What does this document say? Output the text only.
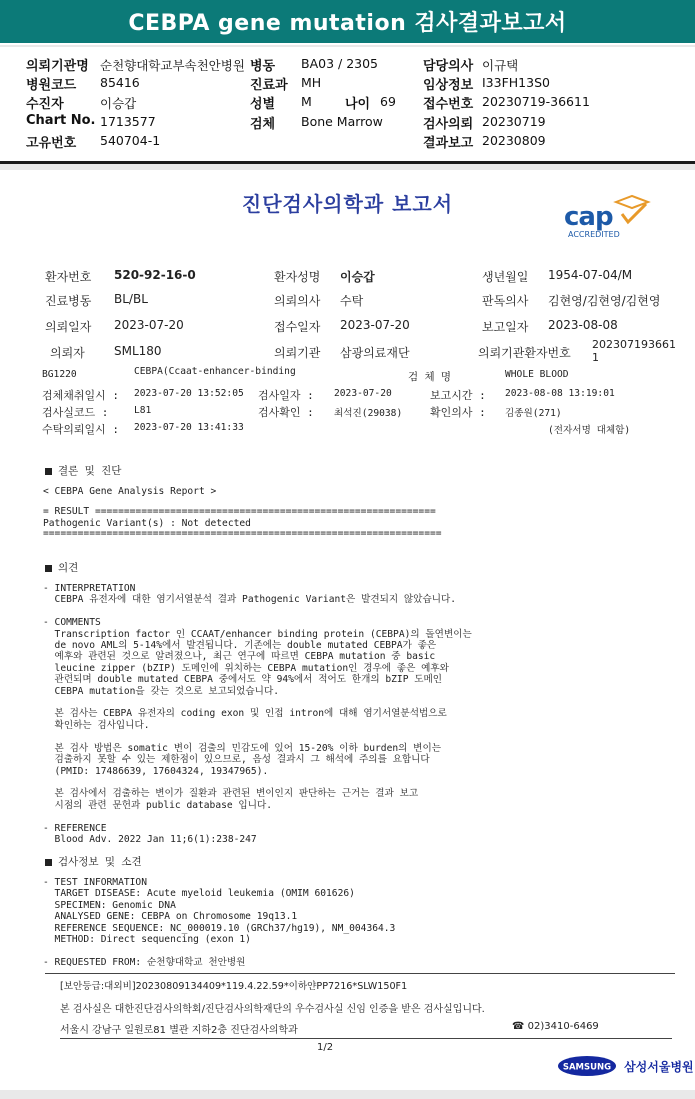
CEBPA gene mutation 검사결과보고서
의뢰기관명 순천향대학교부속천안병원
병원코드 85416
수진자	이승갑
Chart No. 1713577
고유번호 540704-1
병동 BA03 / 2305
진료과 MH
성별 M	나이 69
검체 Bone Marrow
담당의사 이규택
임상정보 I33FH13S0
접수번호 20230719-36611
검사의뢰 20230719
결과보고 20230809
진단검사의학과 보고서	cap
ACCREDITED
환자번호 520-92-16-0	환자성명 이승갑	생년월일 1954-07-04/M
진료병동 BL/BL	의뢰의사 수탁	판독의사 김현영/김현영/김현영
의뢰일자 2023-07-20	접수일자 2023-07-20	보고일자 2023-08-08
의뢰자 SML180	의뢰기관 삼광의료재단	의뢰기관환자번호
202307193661
1
BG1220	CEBPA(Ccaat-enhancer-binding	검 체 명	WHOLE BLOOD
검체채취일시 : 2023-07-20 13:52:05 검사일자 : 2023-07-20	보고시간 : 2023-08-08 13:19:01
검사실코드 :	L81	검사확인 : 최석진(29038)	확인의사 : 김종원(271)
수탁의뢰일시 : 2023-07-20 13:41:33	(전자서명 대체함)
결론 및 진단
< CEBPA Gene Analysis Report >
= RESULT ===========================================================
Pathogenic Variant(s) : Not detected
=====================================================================
의견
- INTERPRETATION
CEBPA 유전자에 대한 염기서열분석 결과 Pathogenic Variant은 발견되지 않았습니다.

- COMMENTS
Transcription factor 인 CCAAT/enhancer binding protein (CEBPA)의 돌연변이는
de novo AML의 5-14%에서 발견됩니다. 기존에는 double mutated CEBPA가 좋은
예후와 관련된 것으로 알려졌으나, 최근 연구에 따르면 CEBPA mutation 중 basic
leucine zipper (bZIP) 도메인에 위치하는 CEBPA mutation인 경우에 좋은 예후와
관련되며 double mutated CEBPA 중에서도 약 94%에서 적어도 한개의 bZIP 도메인
CEBPA mutation을 갖는 것으로 보고되었습니다.

본 검사는 CEBPA 유전자의 coding exon 및 인접 intron에 대해 염기서열분석법으로
확인하는 검사입니다.

본 검사 방법은 somatic 변이 검출의 민감도에 있어 15-20% 이하 burden의 변이는
검출하지 못할 수 있는 제한점이 있으므로, 음성 결과시 그 해석에 주의를 요합니다
(PMID: 17486639, 17604324, 19347965).

본 검사에서 검출하는 변이가 질환과 관련된 변이인지 판단하는 근거는 결과 보고
시점의 관련 문헌과 public database 입니다.

- REFERENCE
Blood Adv. 2022 Jan 11;6(1):238-247
검사정보 및 소견
- TEST INFORMATION
TARGET DISEASE: Acute myeloid leukemia (OMIM 601626)
SPECIMEN: Genomic DNA
ANALYSED GENE: CEBPA on Chromosome 19q13.1
REFERENCE SEQUENCE: NC_000019.10 (GRCh37/hg19), NM_004364.3
METHOD: Direct sequencing (exon 1)

- REQUESTED FROM: 순천향대학교 천안병원
[보안등급:대외비]20230809134409*119.4.22.59*이하얀PP7216*SLW150F1
본 검사실은 대한진단검사의학회/진단검사의학재단의 우수검사실 신임 인증을 받은 검사실입니다.
서울시 강남구 일원로81 별관 지하2층 진단검사의학과	☎ 02)3410-6469
1/2
SAMSUNG 삼성서울병원
